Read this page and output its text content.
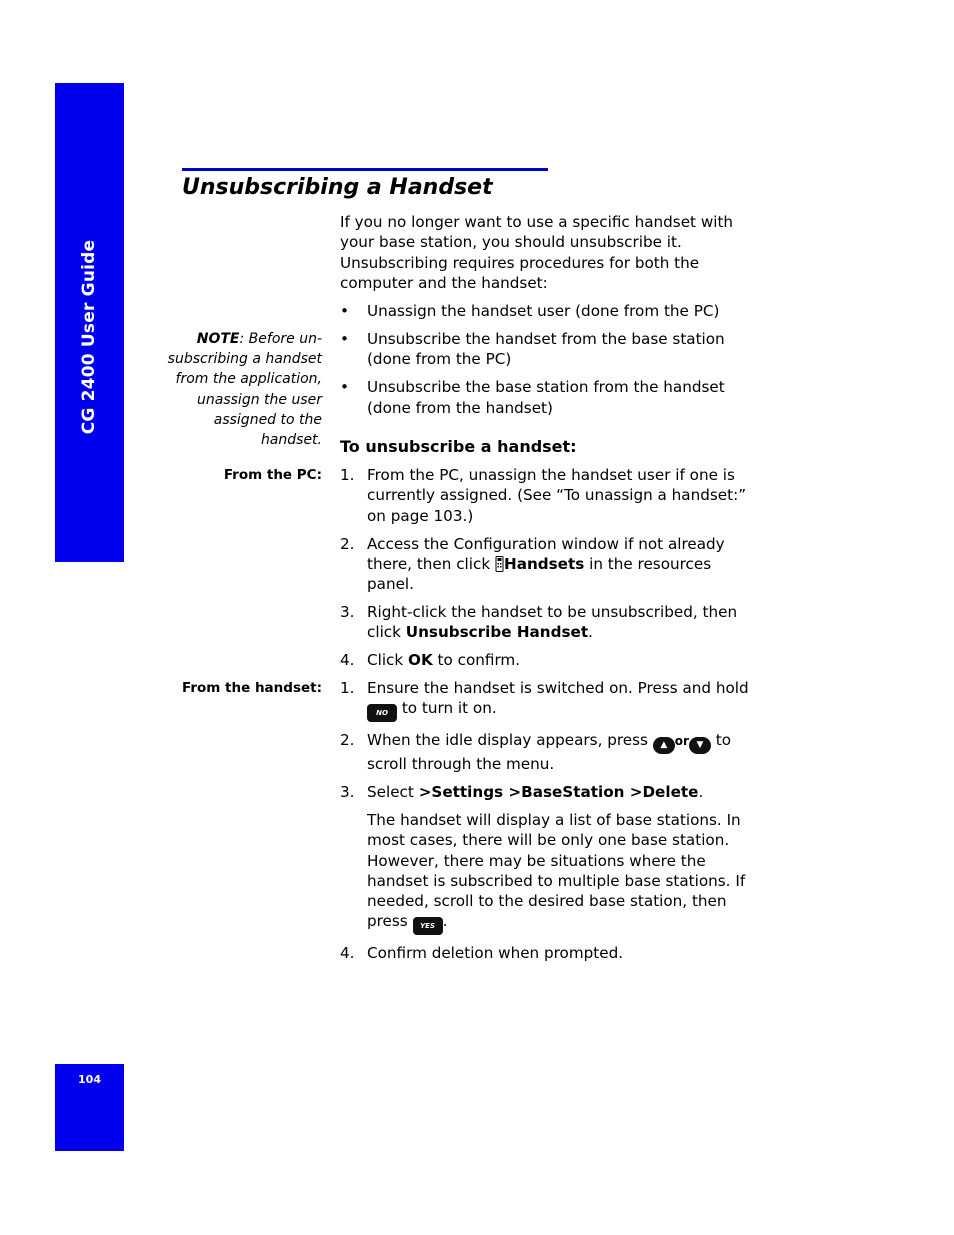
CG 2400 User Guide
104
Unsubscribing a Handset

If you no longer want to use a specific handset with your base station, you should unsubscribe it. Unsubscribing requires procedures for both the computer and the handset:

• Unassign the handset user (done from the PC)
• Unsubscribe the handset from the base station (done from the PC)
• Unsubscribe the base station from the handset (done from the handset)

NOTE: Before un-subscribing a handset from the application, unassign the user assigned to the handset. To unsubscribe a handset:

From the PC: 1. From the PC, unassign the handset user if one is currently assigned. (See “To unassign a handset:” on page 103.)
2. Access the Configuration window if not already there, then click Handsets in the resources panel.
3. Right-click the handset to be unsubscribed, then click Unsubscribe Handset.
4. Click OK to confirm.

From the handset: 1. Ensure the handset is switched on. Press and hold NO to turn it on.
2. When the idle display appears, press ▲ or ▼ to scroll through the menu.
3. Select >Settings >BaseStation >Delete.

The handset will display a list of base stations. In most cases, there will be only one base station. However, there may be situations where the handset is subscribed to multiple base stations. If needed, scroll to the desired base station, then press YES .

4. Confirm deletion when prompted.
